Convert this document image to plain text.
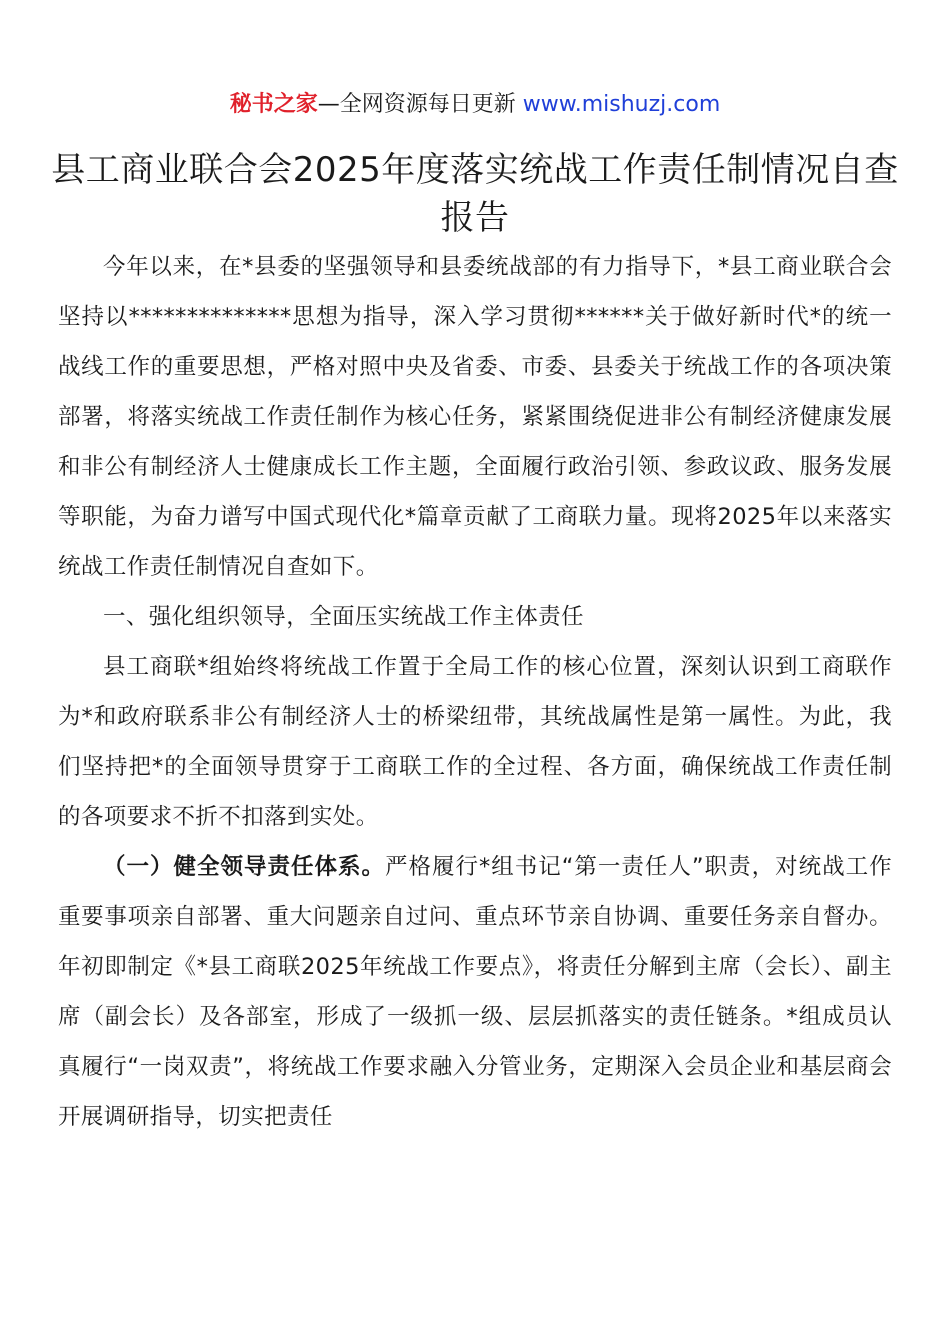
秘书之家—全网资源每日更新 www.mishuzj.com
县工商业联合会2025年度落实统战工作责任制情况自查报告

今年以来，在*县委的坚强领导和县委统战部的有力指导下，*县工商业联合会坚持以**************思想为指导，深入学习贯彻******关于做好新时代*的统一战线工作的重要思想，严格对照中央及省委、市委、县委关于统战工作的各项决策部署，将落实统战工作责任制作为核心任务，紧紧围绕促进非公有制经济健康发展和非公有制经济人士健康成长工作主题，全面履行政治引领、参政议政、服务发展等职能，为奋力谱写中国式现代化*篇章贡献了工商联力量。现将2025年以来落实统战工作责任制情况自查如下。

一、强化组织领导，全面压实统战工作主体责任

县工商联*组始终将统战工作置于全局工作的核心位置，深刻认识到工商联作为*和政府联系非公有制经济人士的桥梁纽带，其统战属性是第一属性。为此，我们坚持把*的全面领导贯穿于工商联工作的全过程、各方面，确保统战工作责任制的各项要求不折不扣落到实处。

（一）健全领导责任体系。严格履行*组书记“第一责任人”职责，对统战工作重要事项亲自部署、重大问题亲自过问、重点环节亲自协调、重要任务亲自督办。年初即制定《*县工商联2025年统战工作要点》，将责任分解到主席（会长）、副主席（副会长）及各部室，形成了一级抓一级、层层抓落实的责任链条。*组成员认真履行“一岗双责”，将统战工作要求融入分管业务，定期深入会员企业和基层商会开展调研指导，切实把责任
